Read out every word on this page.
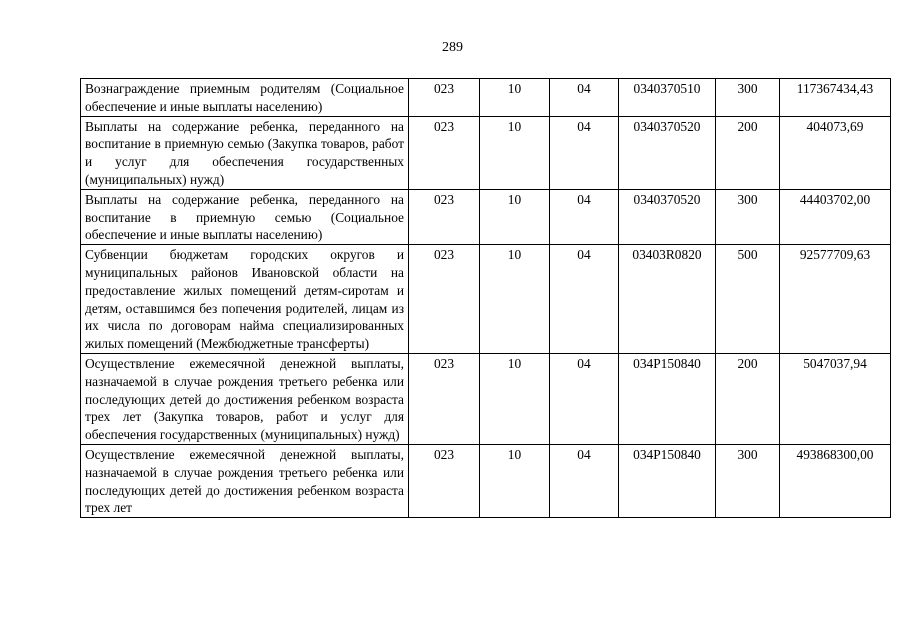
289
Вознаграждение приемным родителям (Социальное обеспечение и иные выплаты населению)	023	10	04	0340370510	300	117367434,43
Выплаты на содержание ребенка, переданного на воспитание в приемную семью (Закупка товаров, работ и услуг для обеспечения государственных (муниципальных) нужд)	023	10	04	0340370520	200	404073,69
Выплаты на содержание ребенка, переданного на воспитание в приемную семью (Социальное обеспечение и иные выплаты населению)	023	10	04	0340370520	300	44403702,00
Субвенции бюджетам городских округов и муниципальных районов Ивановской области на предоставление жилых помещений детям-сиротам и детям, оставшимся без попечения родителей, лицам из их числа по договорам найма специализированных жилых помещений (Межбюджетные трансферты)	023	10	04	03403R0820	500	92577709,63
Осуществление ежемесячной денежной выплаты, назначаемой в случае рождения третьего ребенка или последующих детей до достижения ребенком возраста трех лет (Закупка товаров, работ и услуг для обеспечения государственных (муниципальных) нужд)	023	10	04	034P150840	200	5047037,94
Осуществление ежемесячной денежной выплаты, назначаемой в случае рождения третьего ребенка или последующих детей до достижения ребенком возраста трех лет	023	10	04	034P150840	300	493868300,00
